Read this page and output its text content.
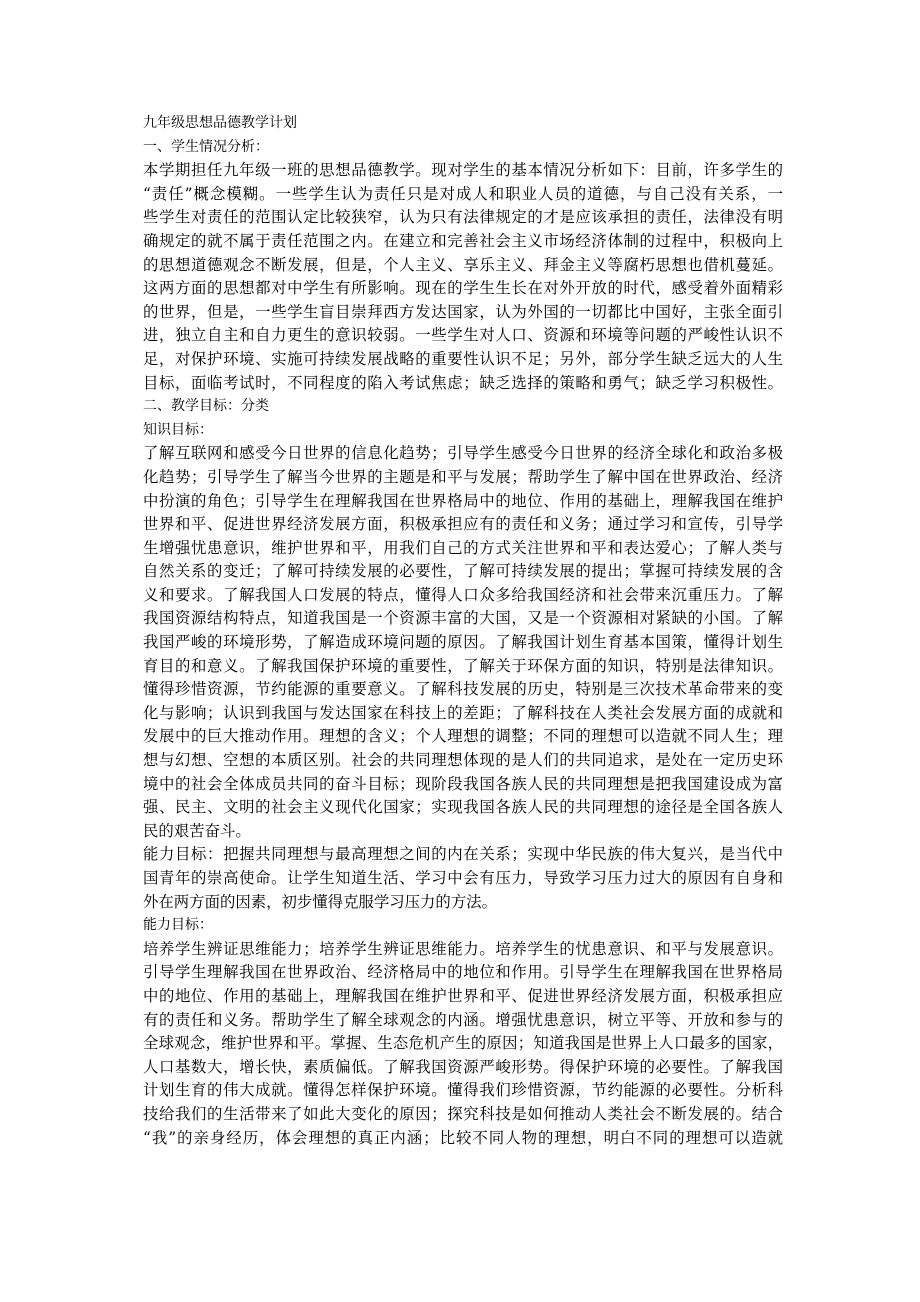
九年级思想品德教学计划
一、学生情况分析：
本学期担任九年级一班的思想品德教学。现对学生的基本情况分析如下：目前，许多学生的
“责任”概念模糊。一些学生认为责任只是对成人和职业人员的道德，与自己没有关系，一
些学生对责任的范围认定比较狭窄，认为只有法律规定的才是应该承担的责任，法律没有明
确规定的就不属于责任范围之内。在建立和完善社会主义市场经济体制的过程中，积极向上
的思想道德观念不断发展，但是，个人主义、享乐主义、拜金主义等腐朽思想也借机蔓延。
这两方面的思想都对中学生有所影响。现在的学生生长在对外开放的时代，感受着外面精彩
的世界，但是，一些学生盲目崇拜西方发达国家，认为外国的一切都比中国好，主张全面引
进，独立自主和自力更生的意识较弱。一些学生对人口、资源和环境等问题的严峻性认识不
足，对保护环境、实施可持续发展战略的重要性认识不足；另外，部分学生缺乏远大的人生
目标，面临考试时，不同程度的陷入考试焦虑；缺乏选择的策略和勇气；缺乏学习积极性。
二、教学目标：分类
知识目标：
了解互联网和感受今日世界的信息化趋势；引导学生感受今日世界的经济全球化和政治多极
化趋势；引导学生了解当今世界的主题是和平与发展；帮助学生了解中国在世界政治、经济
中扮演的角色；引导学生在理解我国在世界格局中的地位、作用的基础上，理解我国在维护
世界和平、促进世界经济发展方面，积极承担应有的责任和义务；通过学习和宣传，引导学
生增强忧患意识，维护世界和平，用我们自己的方式关注世界和平和表达爱心；了解人类与
自然关系的变迁；了解可持续发展的必要性，了解可持续发展的提出；掌握可持续发展的含
义和要求。了解我国人口发展的特点，懂得人口众多给我国经济和社会带来沉重压力。了解
我国资源结构特点，知道我国是一个资源丰富的大国，又是一个资源相对紧缺的小国。了解
我国严峻的环境形势，了解造成环境问题的原因。了解我国计划生育基本国策，懂得计划生
育目的和意义。了解我国保护环境的重要性，了解关于环保方面的知识，特别是法律知识。
懂得珍惜资源，节约能源的重要意义。了解科技发展的历史，特别是三次技术革命带来的变
化与影响；认识到我国与发达国家在科技上的差距；了解科技在人类社会发展方面的成就和
发展中的巨大推动作用。理想的含义；个人理想的调整；不同的理想可以造就不同人生；理
想与幻想、空想的本质区别。社会的共同理想体现的是人们的共同追求，是处在一定历史环
境中的社会全体成员共同的奋斗目标；现阶段我国各族人民的共同理想是把我国建设成为富
强、民主、文明的社会主义现代化国家；实现我国各族人民的共同理想的途径是全国各族人
民的艰苦奋斗。
能力目标：把握共同理想与最高理想之间的内在关系；实现中华民族的伟大复兴，是当代中
国青年的崇高使命。让学生知道生活、学习中会有压力，导致学习压力过大的原因有自身和
外在两方面的因素，初步懂得克服学习压力的方法。
能力目标：
培养学生辨证思维能力；培养学生辨证思维能力。培养学生的忧患意识、和平与发展意识。
引导学生理解我国在世界政治、经济格局中的地位和作用。引导学生在理解我国在世界格局
中的地位、作用的基础上，理解我国在维护世界和平、促进世界经济发展方面，积极承担应
有的责任和义务。帮助学生了解全球观念的内涵。增强忧患意识，树立平等、开放和参与的
全球观念，维护世界和平。掌握、生态危机产生的原因；知道我国是世界上人口最多的国家，
人口基数大，增长快，素质偏低。了解我国资源严峻形势。得保护环境的必要性。了解我国
计划生育的伟大成就。懂得怎样保护环境。懂得我们珍惜资源，节约能源的必要性。分析科
技给我们的生活带来了如此大变化的原因；探究科技是如何推动人类社会不断发展的。结合
“我”的亲身经历，体会理想的真正内涵；比较不同人物的理想，明白不同的理想可以造就
